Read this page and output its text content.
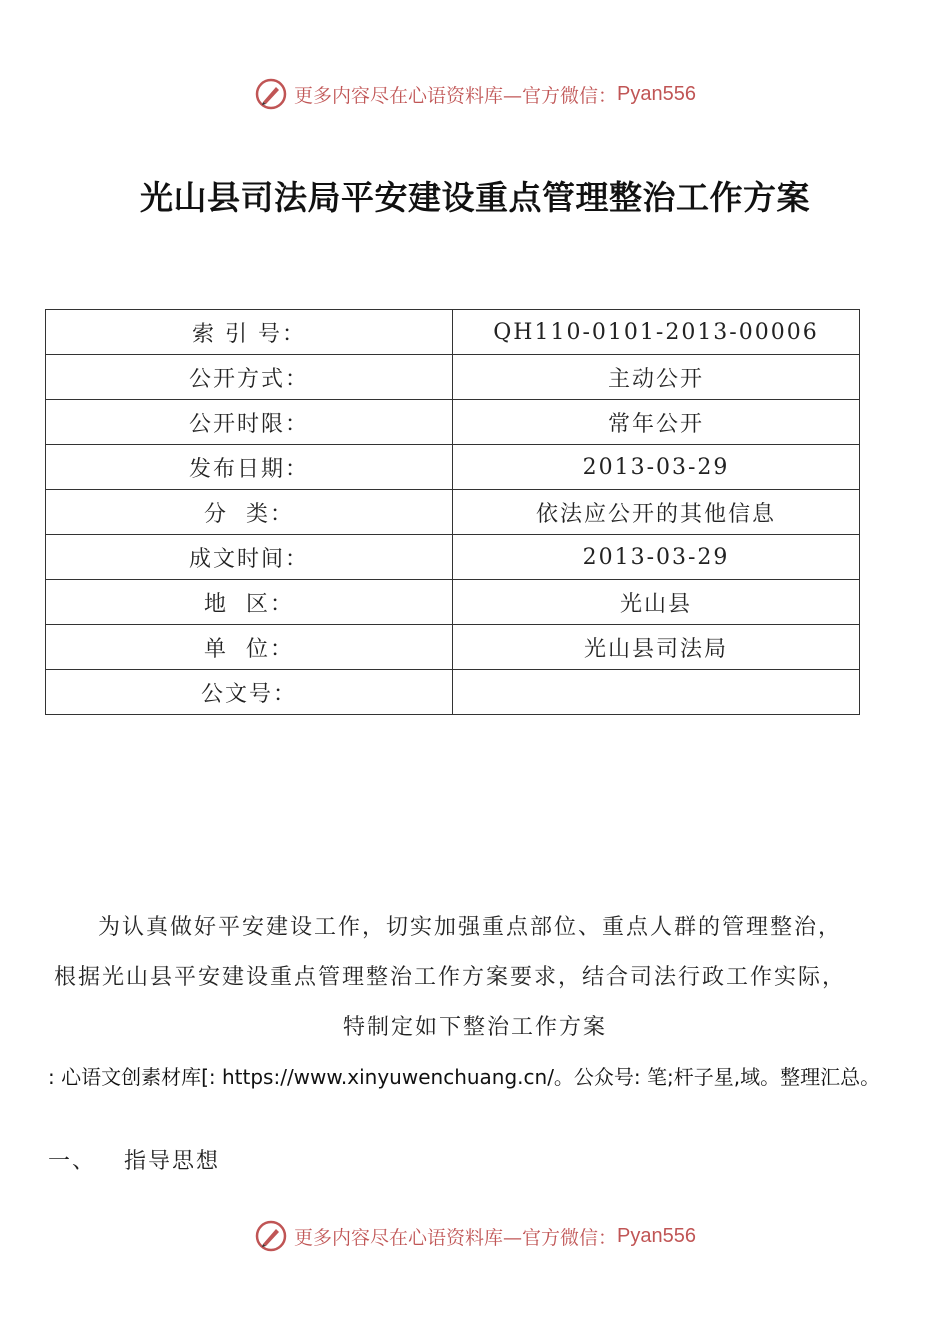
更多内容尽在心语资料库—官方微信： Pyan556
光山县司法局平安建设重点管理整治工作方案
索 引 号：	QH110-0101-2013-00006
公开方式：	主动公开
公开时限：	常年公开
发布日期：	2013-03-29
分  类：	依法应公开的其他信息
成文时间：	2013-03-29
地  区：	光山县
单  位：	光山县司法局
公文号：	
为认真做好平安建设工作，切实加强重点部位、重点人群的管理整治，
根据光山县平安建设重点管理整治工作方案要求，结合司法行政工作实际，
特制定如下整治工作方案
: 心语文创素材库[: https://www.xinyuwenchuang.cn/。公众号: 笔;杆子星,域。整理汇总。
一、 指导思想
更多内容尽在心语资料库—官方微信： Pyan556
